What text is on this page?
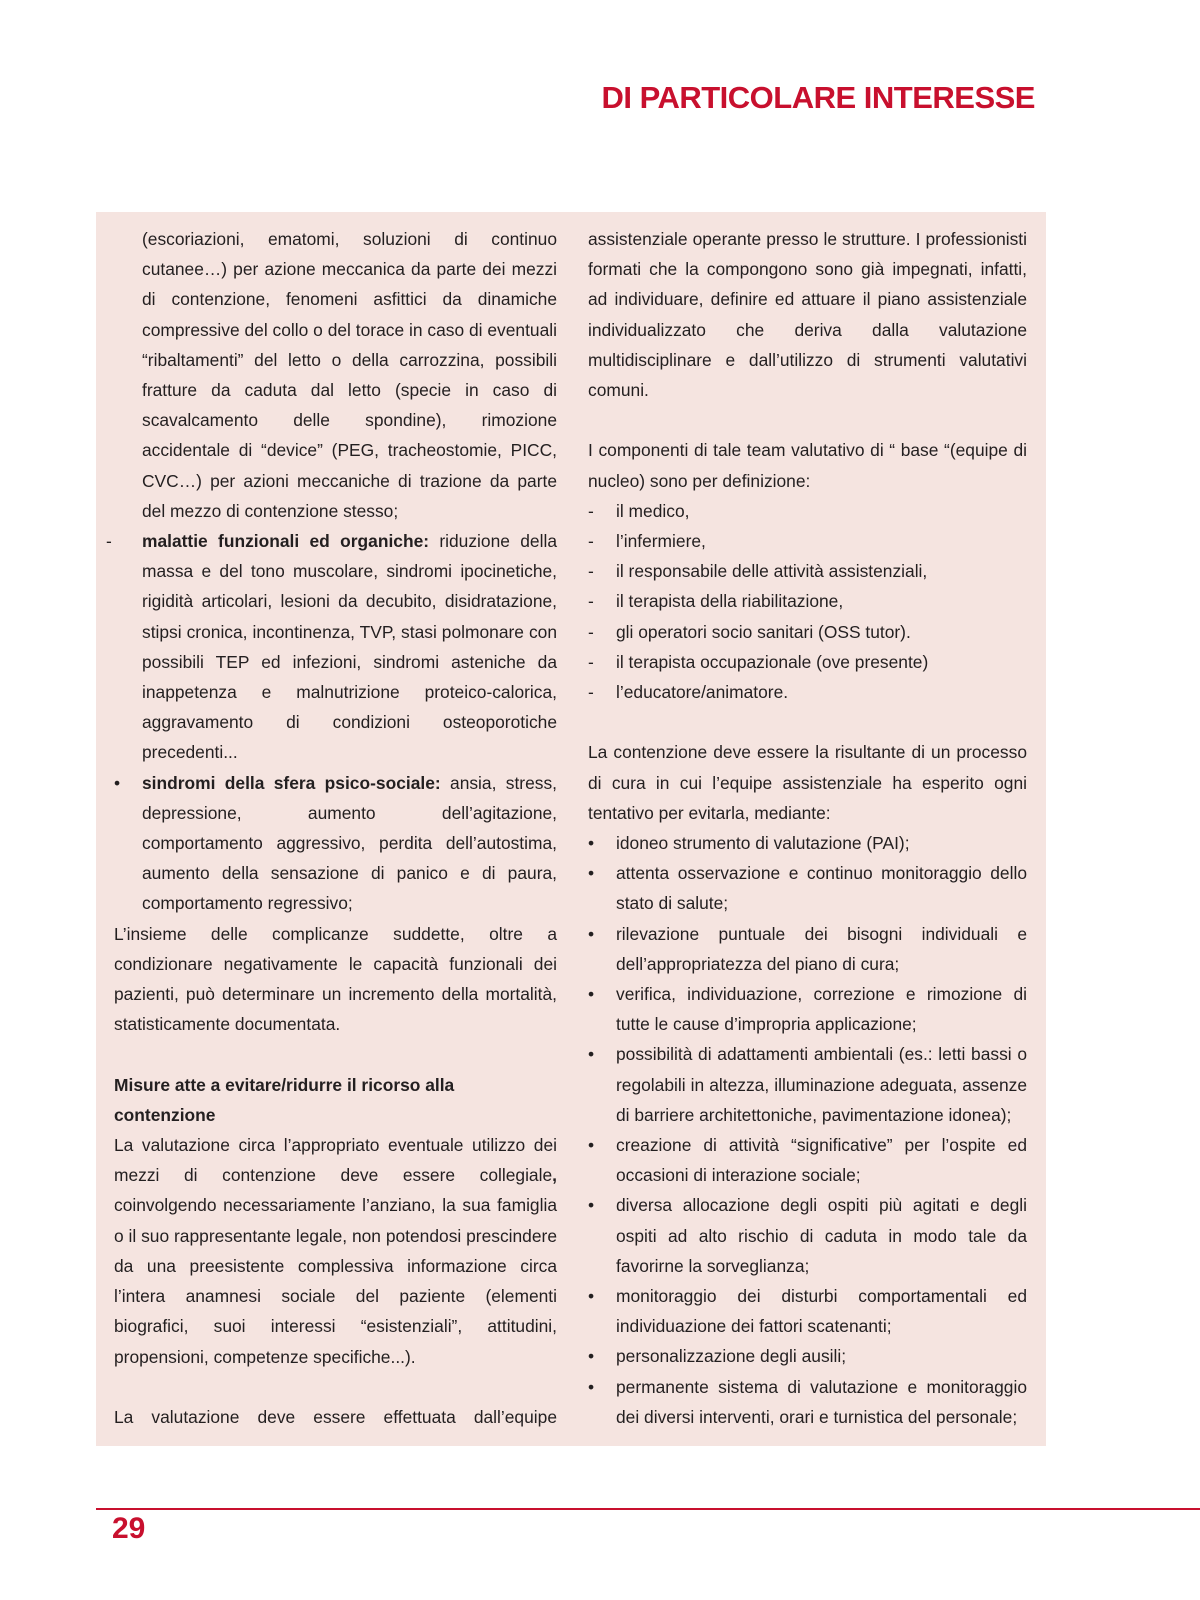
DI PARTICOLARE INTERESSE

(escoriazioni, ematomi, soluzioni di continuo cutanee…) per azione meccanica da parte dei mezzi di contenzione, fenomeni asfittici da dinamiche compressive del collo o del torace in caso di eventuali “ribaltamenti” del letto o della carrozzina, possibili fratture da caduta dal letto (specie in caso di scavalcamento delle spondine), rimozione accidentale di “device” (PEG, tracheostomie, PICC, CVC…) per azioni meccaniche di trazione da parte del mezzo di contenzione stesso;

-	malattie funzionali ed organiche: riduzione della massa e del tono muscolare, sindromi ipocinetiche, rigidità articolari, lesioni da decubito, disidratazione, stipsi cronica, incontinenza, TVP, stasi polmonare con possibili TEP ed infezioni, sindromi asteniche da inappetenza e malnutrizione proteico-calorica, aggravamento di condizioni osteoporotiche precedenti...
•	sindromi della sfera psico-sociale: ansia, stress, depressione, aumento dell’agitazione, comportamento aggressivo, perdita dell’autostima, aumento della sensazione di panico e di paura, comportamento regressivo;

L’insieme delle complicanze suddette, oltre a condizionare negativamente le capacità funzionali dei pazienti, può determinare un incremento della mortalità, statisticamente documentata.

Misure atte a evitare/ridurre il ricorso alla contenzione

La valutazione circa l’appropriato eventuale utilizzo dei mezzi di contenzione deve essere collegiale, coinvolgendo necessariamente l’anziano, la sua famiglia o il suo rappresentante legale, non potendosi prescindere da una preesistente complessiva informazione circa l’intera anamnesi sociale del paziente (elementi biografici, suoi interessi “esistenziali”, attitudini, propensioni, competenze specifiche...).

La valutazione deve essere effettuata dall’equipe

assistenziale operante presso le strutture. I professionisti formati che la compongono sono già impegnati, infatti, ad individuare, definire ed attuare il piano assistenziale individualizzato che deriva dalla valutazione multidisciplinare e dall’utilizzo di strumenti valutativi comuni.

I componenti di tale team valutativo di “ base “(equipe di nucleo) sono per definizione:

-	il medico,
-	l’infermiere,
-	il responsabile delle attività assistenziali,
-	il terapista della riabilitazione,
-	gli operatori socio sanitari (OSS tutor).
-	il terapista occupazionale (ove presente)
-	l’educatore/animatore.

La contenzione deve essere la risultante di un processo di cura in cui l’equipe assistenziale ha esperito ogni tentativo per evitarla, mediante:

•	idoneo strumento di valutazione (PAI);
•	attenta osservazione e continuo monitoraggio dello stato di salute;
•	rilevazione puntuale dei bisogni individuali e dell’appropriatezza del piano di cura;
•	verifica, individuazione, correzione e rimozione di tutte le cause d’impropria applicazione;
•	possibilità di adattamenti ambientali (es.: letti bassi o regolabili in altezza, illuminazione adeguata, assenze di barriere architettoniche, pavimentazione idonea);
•	creazione di attività “significative” per l’ospite ed occasioni di interazione sociale;
•	diversa allocazione degli ospiti più agitati e degli ospiti ad alto rischio di caduta in modo tale da favorirne la sorveglianza;
•	monitoraggio dei disturbi comportamentali ed individuazione dei fattori scatenanti;
•	personalizzazione degli ausili;
•	permanente sistema di valutazione e monitoraggio dei diversi interventi, orari e turnistica del personale;
29
